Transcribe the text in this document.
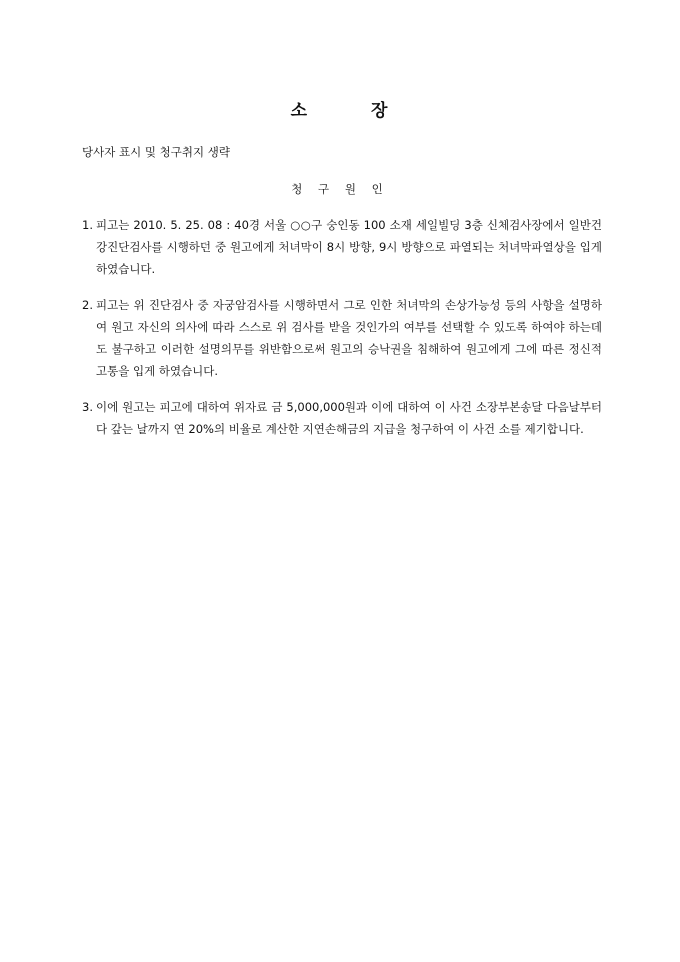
소	장
당사자 표시 및 청구취지 생략
청 구 원 인
1. 피고는 2010. 5. 25. 08 : 40경 서울 ○○구 숭인동 100 소재 세일빌딩 3층 신체검사장에서 일반건강진단검사를 시행하던 중 원고에게 처녀막이 8시 방향, 9시 방향으로 파열되는 처녀막파열상을 입게 하였습니다.
2. 피고는 위 진단검사 중 자궁암검사를 시행하면서 그로 인한 처녀막의 손상가능성 등의 사항을 설명하여 원고 자신의 의사에 따라 스스로 위 검사를 받을 것인가의 여부를 선택할 수 있도록 하여야 하는데도 불구하고 이러한 설명의무를 위반함으로써 원고의 승낙권을 침해하여 원고에게 그에 따른 정신적 고통을 입게 하였습니다.
3. 이에 원고는 피고에 대하여 위자료 금 5,000,000원과 이에 대하여 이 사건 소장부본송달 다음날부터 다 갚는 날까지 연 20%의 비율로 계산한 지연손해금의 지급을 청구하여 이 사건 소를 제기합니다.
